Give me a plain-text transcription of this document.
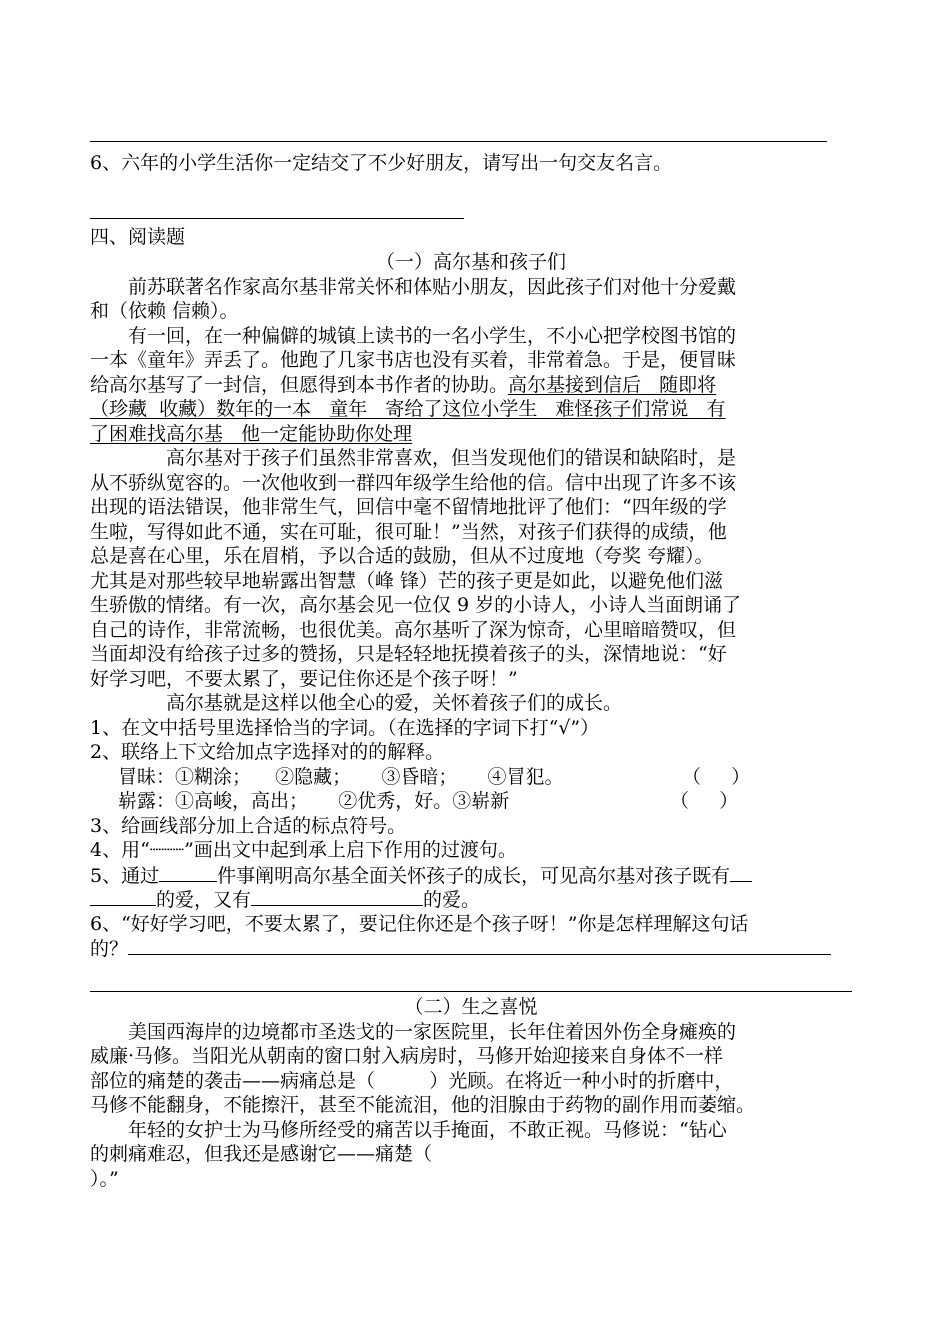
6、六年的小学生活你一定结交了不少好朋友，请写出一句交友名言。
四、阅读题
（一）高尔基和孩子们
前苏联著名作家高尔基非常关怀和体贴小朋友，因此孩子们对他十分爱戴
和（依赖 信赖）。
有一回，在一种偏僻的城镇上读书的一名小学生，不小心把学校图书馆的
一本《童年》弄丢了。他跑了几家书店也没有买着，非常着急。于是，便冒昧
给高尔基写了一封信，但愿得到本书作者的协助。高尔基接到信后   随即将
（珍藏  收藏）数年的一本   童年   寄给了这位小学生   难怪孩子们常说   有
了困难找高尔基   他一定能协助你处理
高尔基对于孩子们虽然非常喜欢，但当发现他们的错误和缺陷时，是
从不骄纵宽容的。一次他收到一群四年级学生给他的信。信中出现了许多不该
出现的语法错误，他非常生气，回信中毫不留情地批评了他们：“四年级的学
生啦，写得如此不通，实在可耻，很可耻！”当然，对孩子们获得的成绩，他
总是喜在心里，乐在眉梢，予以合适的鼓励，但从不过度地（夸奖 夸耀）。
尤其是对那些较早地崭露出智慧（峰 锋）芒的孩子更是如此，以避免他们滋
生骄傲的情绪。有一次，高尔基会见一位仅 9 岁的小诗人，小诗人当面朗诵了
自己的诗作，非常流畅，也很优美。高尔基听了深为惊奇，心里暗暗赞叹，但
当面却没有给孩子过多的赞扬，只是轻轻地抚摸着孩子的头，深情地说：“好
好学习吧，不要太累了，要记住你还是个孩子呀！”
高尔基就是这样以他全心的爱，关怀着孩子们的成长。
1、在文中括号里选择恰当的字词。（在选择的字词下打“√”）
2、联络上下文给加点字选择对的的解释。
冒昧：①糊涂；    ②隐藏；     ③昏暗；     ④冒犯。	（     ）
崭露：①高峻，高出；     ②优秀，好。③崭新	（     ）
3、给画线部分加上合适的标点符号。
4、用“┈┈┈”画出文中起到承上启下作用的过渡句。
5、通过	件事阐明高尔基全面关怀孩子的成长，可见高尔基对孩子既有
的爱，又有	的爱。
6、“好好学习吧，不要太累了，要记住你还是个孩子呀！”你是怎样理解这句话
的？
（二）生之喜悦
美国西海岸的边境都市圣迭戈的一家医院里，长年住着因外伤全身瘫痪的
威廉·马修。当阳光从朝南的窗口射入病房时，马修开始迎接来自身体不一样
部位的痛楚的袭击——病痛总是（         ）光顾。在将近一种小时的折磨中，
马修不能翻身，不能擦汗，甚至不能流泪，他的泪腺由于药物的副作用而萎缩。
年轻的女护士为马修所经受的痛苦以手掩面，不敢正视。马修说：“钻心
的刺痛难忍，但我还是感谢它——痛楚（
）。”
